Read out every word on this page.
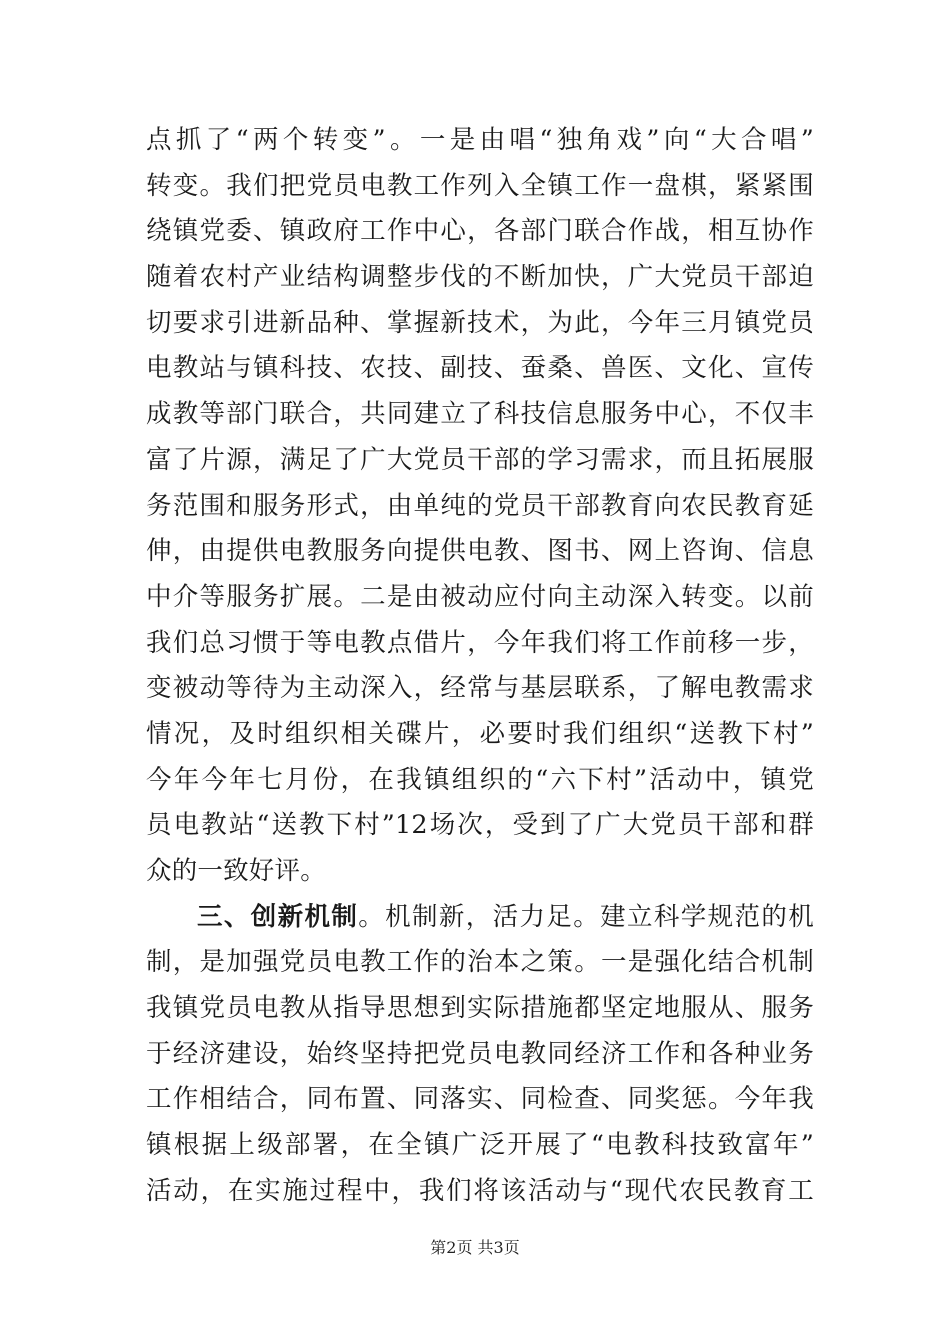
点抓了“两个转变”。一是由唱“独角戏”向“大合唱”
转变。我们把党员电教工作列入全镇工作一盘棋，紧紧围
绕镇党委、镇政府工作中心，各部门联合作战，相互协作
随着农村产业结构调整步伐的不断加快，广大党员干部迫
切要求引进新品种、掌握新技术，为此，今年三月镇党员
电教站与镇科技、农技、副技、蚕桑、兽医、文化、宣传
成教等部门联合，共同建立了科技信息服务中心，不仅丰
富了片源，满足了广大党员干部的学习需求，而且拓展服
务范围和服务形式，由单纯的党员干部教育向农民教育延
伸，由提供电教服务向提供电教、图书、网上咨询、信息
中介等服务扩展。二是由被动应付向主动深入转变。以前
我们总习惯于等电教点借片，今年我们将工作前移一步，
变被动等待为主动深入，经常与基层联系，了解电教需求
情况，及时组织相关碟片，必要时我们组织“送教下村”
今年今年七月份，在我镇组织的“六下村”活动中，镇党
员电教站“送教下村”12场次，受到了广大党员干部和群
众的一致好评。
三、创新机制。机制新，活力足。建立科学规范的机
制，是加强党员电教工作的治本之策。一是强化结合机制
我镇党员电教从指导思想到实际措施都坚定地服从、服务
于经济建设，始终坚持把党员电教同经济工作和各种业务
工作相结合，同布置、同落实、同检查、同奖惩。今年我
镇根据上级部署，在全镇广泛开展了“电教科技致富年”
活动，在实施过程中，我们将该活动与“现代农民教育工
第2页 共3页
